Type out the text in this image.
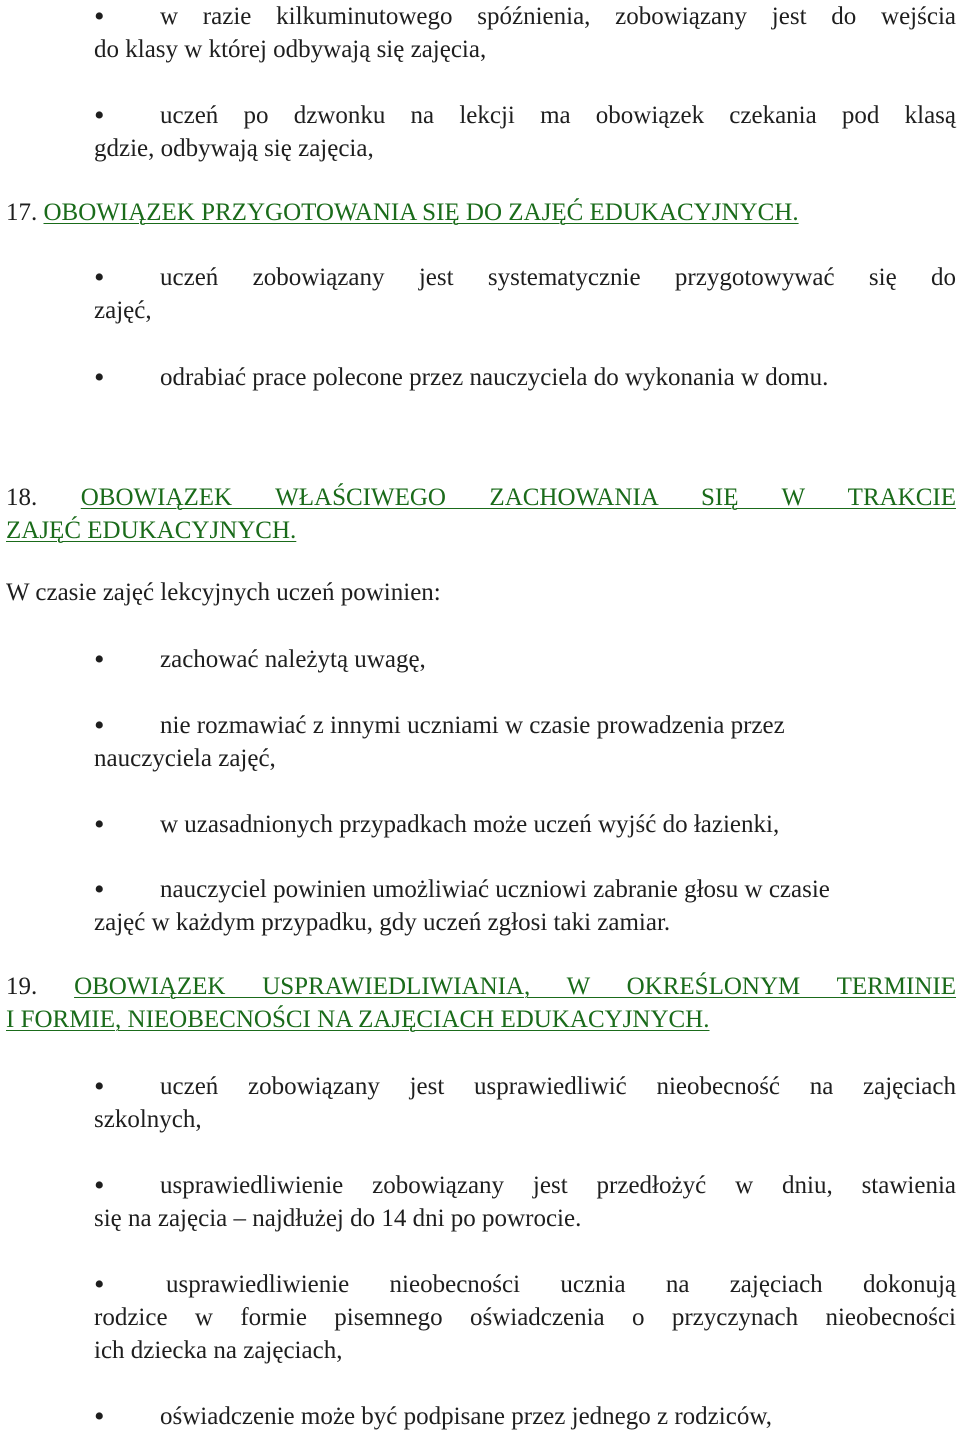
• w razie kilkuminutowego spóźnienia, zobowiązany jest do wejścia
do klasy w której odbywają się zajęcia,
• uczeń po dzwonku na lekcji ma obowiązek czekania pod klasą
gdzie, odbywają się zajęcia,
17. OBOWIĄZEK PRZYGOTOWANIA SIĘ DO ZAJĘĆ EDUKACYJNYCH.
• uczeń zobowiązany jest systematycznie przygotowywać się do
zajęć,
• odrabiać prace polecone przez nauczyciela do wykonania w domu.
18. OBOWIĄZEK WŁAŚCIWEGO ZACHOWANIA SIĘ W TRAKCIE
ZAJĘĆ EDUKACYJNYCH.
W czasie zajęć lekcyjnych uczeń powinien:
• zachować należytą uwagę,
• nie rozmawiać z innymi uczniami w czasie prowadzenia przez
nauczyciela zajęć,
• w uzasadnionych przypadkach może uczeń wyjść do łazienki,
• nauczyciel powinien umożliwiać uczniowi zabranie głosu w czasie
zajęć w każdym przypadku, gdy uczeń zgłosi taki zamiar.
19. OBOWIĄZEK USPRAWIEDLIWIANIA, W OKREŚLONYM TERMINIE
I FORMIE, NIEOBECNOŚCI NA ZAJĘCIACH EDUKACYJNYCH.
• uczeń zobowiązany jest usprawiedliwić nieobecność na zajęciach
szkolnych,
• usprawiedliwienie zobowiązany jest przedłożyć w dniu, stawienia
się na zajęcia – najdłużej do 14 dni po powrocie.
• usprawiedliwienie nieobecności ucznia na zajęciach dokonują
rodzice w formie pisemnego oświadczenia o przyczynach nieobecności
ich dziecka na zajęciach,
• oświadczenie może być podpisane przez jednego z rodziców,
